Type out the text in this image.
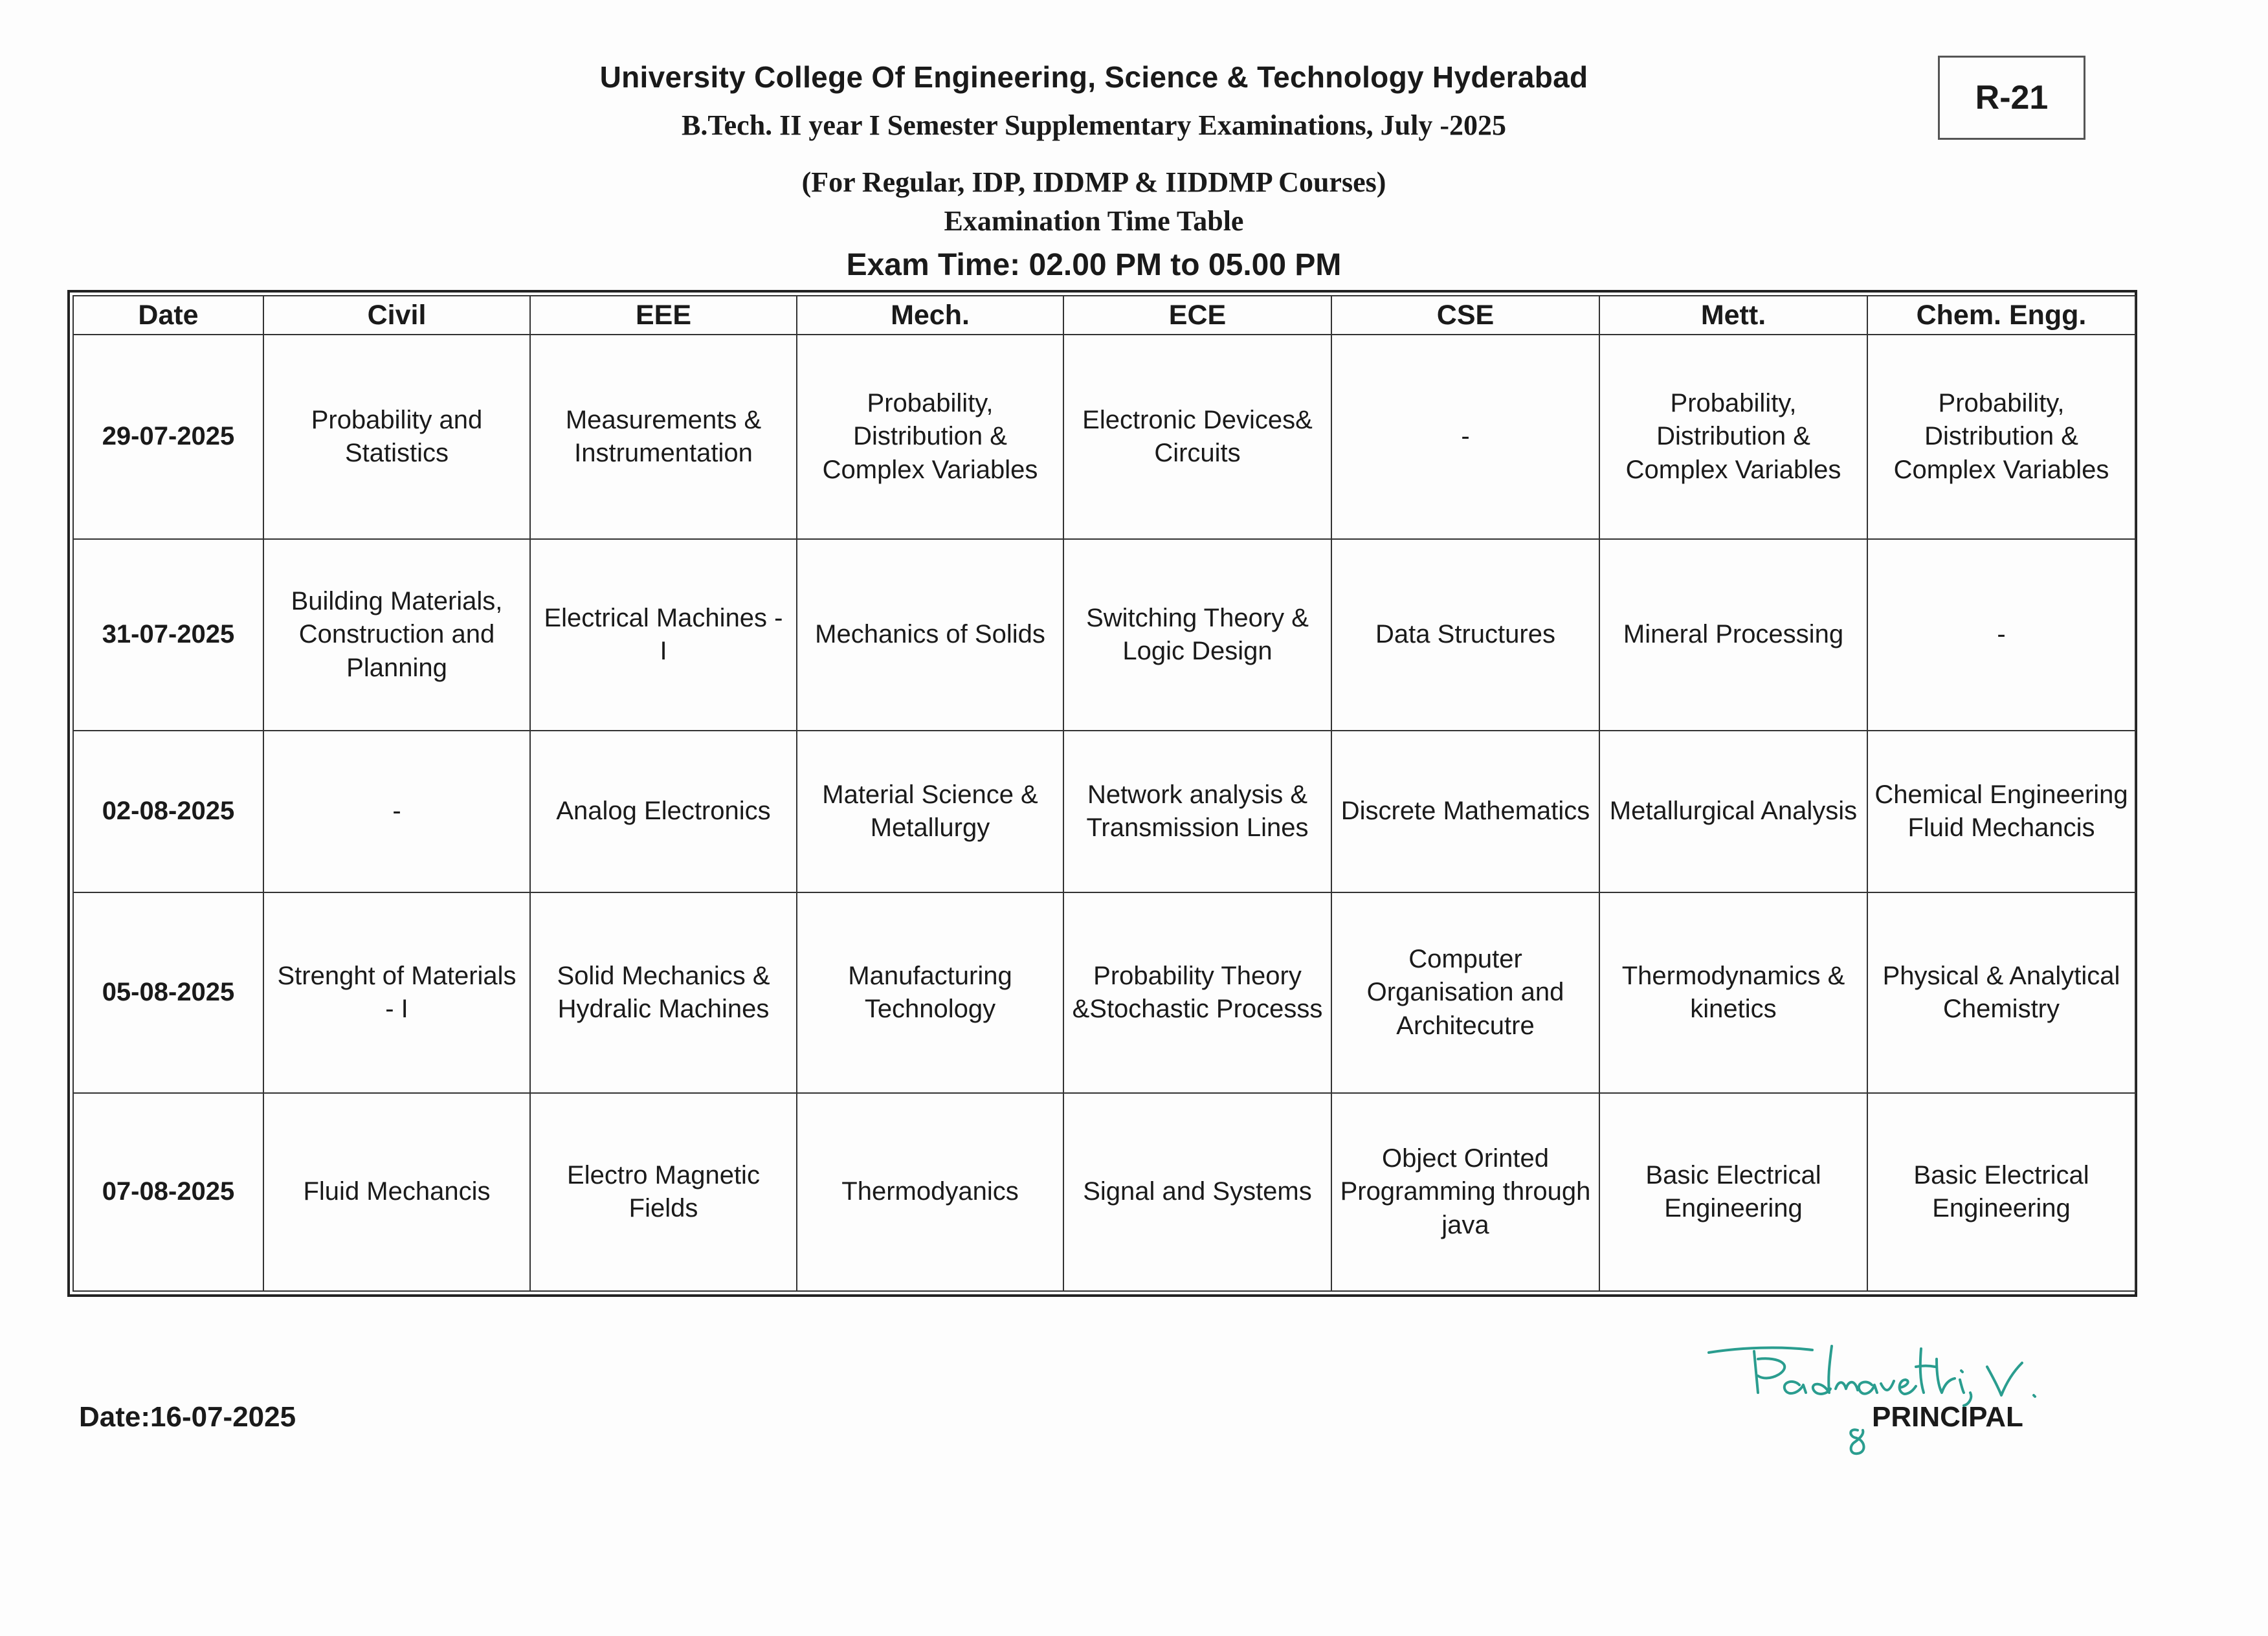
University College Of Engineering, Science & Technology Hyderabad
B.Tech. II year I Semester Supplementary Examinations, July -2025
(For Regular, IDP, IDDMP & IIDDMP Courses)
Examination Time Table
Exam Time: 02.00 PM to 05.00 PM
R-21
Date	Civil	EEE	Mech.	ECE	CSE	Mett.	Chem. Engg.
29-07-2025	Probability and Statistics	Measurements & Instrumentation	Probability, Distribution & Complex Variables	Electronic Devices& Circuits	-	Probability, Distribution & Complex Variables	Probability, Distribution & Complex Variables
31-07-2025	Building Materials, Construction and Planning	Electrical Machines - I	Mechanics of Solids	Switching Theory & Logic Design	Data Structures	Mineral Processing	-
02-08-2025	-	Analog Electronics	Material Science & Metallurgy	Network analysis & Transmission Lines	Discrete Mathematics	Metallurgical Analysis	Chemical Engineering Fluid Mechancis
05-08-2025	Strenght of Materials - I	Solid Mechanics & Hydralic Machines	Manufacturing Technology	Probability Theory &Stochastic Processs	Computer Organisation and Architecutre	Thermodynamics & kinetics	Physical & Analytical Chemistry
07-08-2025	Fluid Mechancis	Electro Magnetic Fields	Thermodyanics	Signal and Systems	Object Orinted Programming through java	Basic Electrical Engineering	Basic Electrical Engineering
Date:16-07-2025
Padmavathi, V.
PRINCIPAL
